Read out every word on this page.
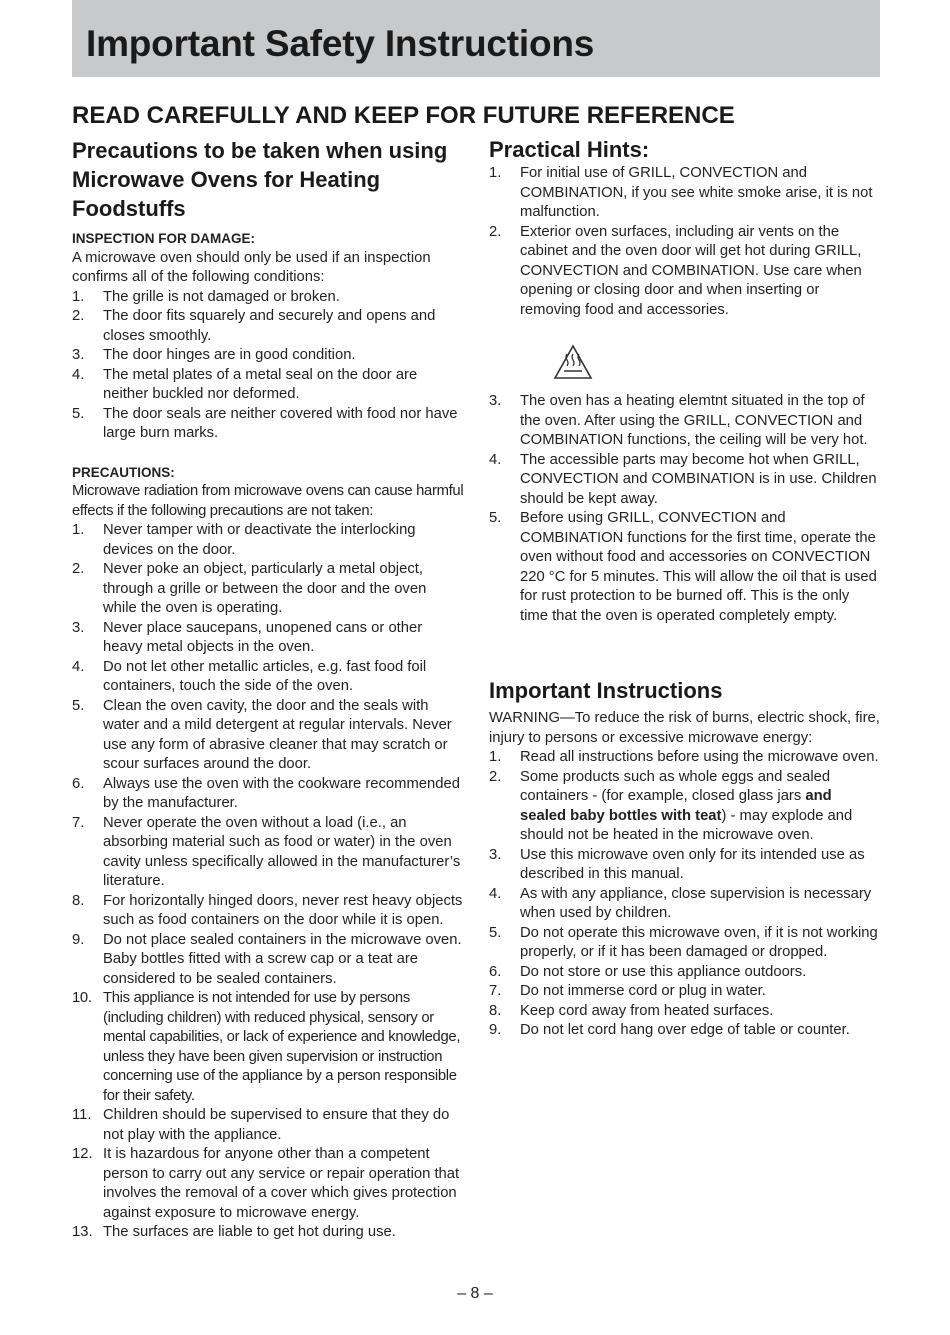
Important Safety Instructions
READ CAREFULLY AND KEEP FOR FUTURE REFERENCE
Precautions to be taken when using Microwave Ovens for Heating Foodstuffs
INSPECTION FOR DAMAGE:

A microwave oven should only be used if an inspection confirms all of the following conditions:

1. The grille is not damaged or broken.
2. The door fits squarely and securely and opens and closes smoothly.
3. The door hinges are in good condition.
4. The metal plates of a metal seal on the door are neither buckled nor deformed.
5. The door seals are neither covered with food nor have large burn marks.
PRECAUTIONS:

Microwave radiation from microwave ovens can cause harmful effects if the following precautions are not taken:

1. Never tamper with or deactivate the interlocking devices on the door.
2. Never poke an object, particularly a metal object, through a grille or between the door and the oven while the oven is operating.
3. Never place saucepans, unopened cans or other heavy metal objects in the oven.
4. Do not let other metallic articles, e.g. fast food foil containers, touch the side of the oven.
5. Clean the oven cavity, the door and the seals with water and a mild detergent at regular intervals. Never use any form of abrasive cleaner that may scratch or scour surfaces around the door.
6. Always use the oven with the cookware recommended by the manufacturer.
7. Never operate the oven without a load (i.e., an absorbing material such as food or water) in the oven cavity unless specifically allowed in the manufacturer’s literature.
8. For horizontally hinged doors, never rest heavy objects such as food containers on the door while it is open.
9. Do not place sealed containers in the microwave oven. Baby bottles fitted with a screw cap or a teat are considered to be sealed containers.
10. This appliance is not intended for use by persons (including children) with reduced physical, sensory or mental capabilities, or lack of experience and knowledge, unless they have been given supervision or instruction concerning use of the appliance by a person responsible for their safety.
11. Children should be supervised to ensure that they do not play with the appliance.
12. It is hazardous for anyone other than a competent person to carry out any service or repair operation that involves the removal of a cover which gives protection against exposure to microwave energy.
13. The surfaces are liable to get hot during use.
Practical Hints:
1. For initial use of GRILL, CONVECTION and COMBINATION, if you see white smoke arise, it is not malfunction.
2. Exterior oven surfaces, including air vents on the cabinet and the oven door will get hot during GRILL, CONVECTION and COMBINATION. Use care when opening or closing door and when inserting or removing food and accessories.
3. The oven has a heating elemtnt situated in the top of the oven. After using the GRILL, CONVECTION and COMBINATION functions, the ceiling will be very hot.
4. The accessible parts may become hot when GRILL, CONVECTION and COMBINATION is in use. Children should be kept away.
5. Before using GRILL, CONVECTION and COMBINATION functions for the first time, operate the oven without food and accessories on CONVECTION 220 °C for 5 minutes. This will allow the oil that is used for rust protection to be burned off. This is the only time that the oven is operated completely empty.
Important Instructions

WARNING—To reduce the risk of burns, electric shock, fire, injury to persons or excessive microwave energy:

1. Read all instructions before using the microwave oven.
2. Some products such as whole eggs and sealed containers - (for example, closed glass jars and sealed baby bottles with teat) - may explode and should not be heated in the microwave oven.
3. Use this microwave oven only for its intended use as described in this manual.
4. As with any appliance, close supervision is necessary when used by children.
5. Do not operate this microwave oven, if it is not working properly, or if it has been damaged or dropped.
6. Do not store or use this appliance outdoors.
7. Do not immerse cord or plug in water.
8. Keep cord away from heated surfaces.
9. Do not let cord hang over edge of table or counter.
– 8 –
